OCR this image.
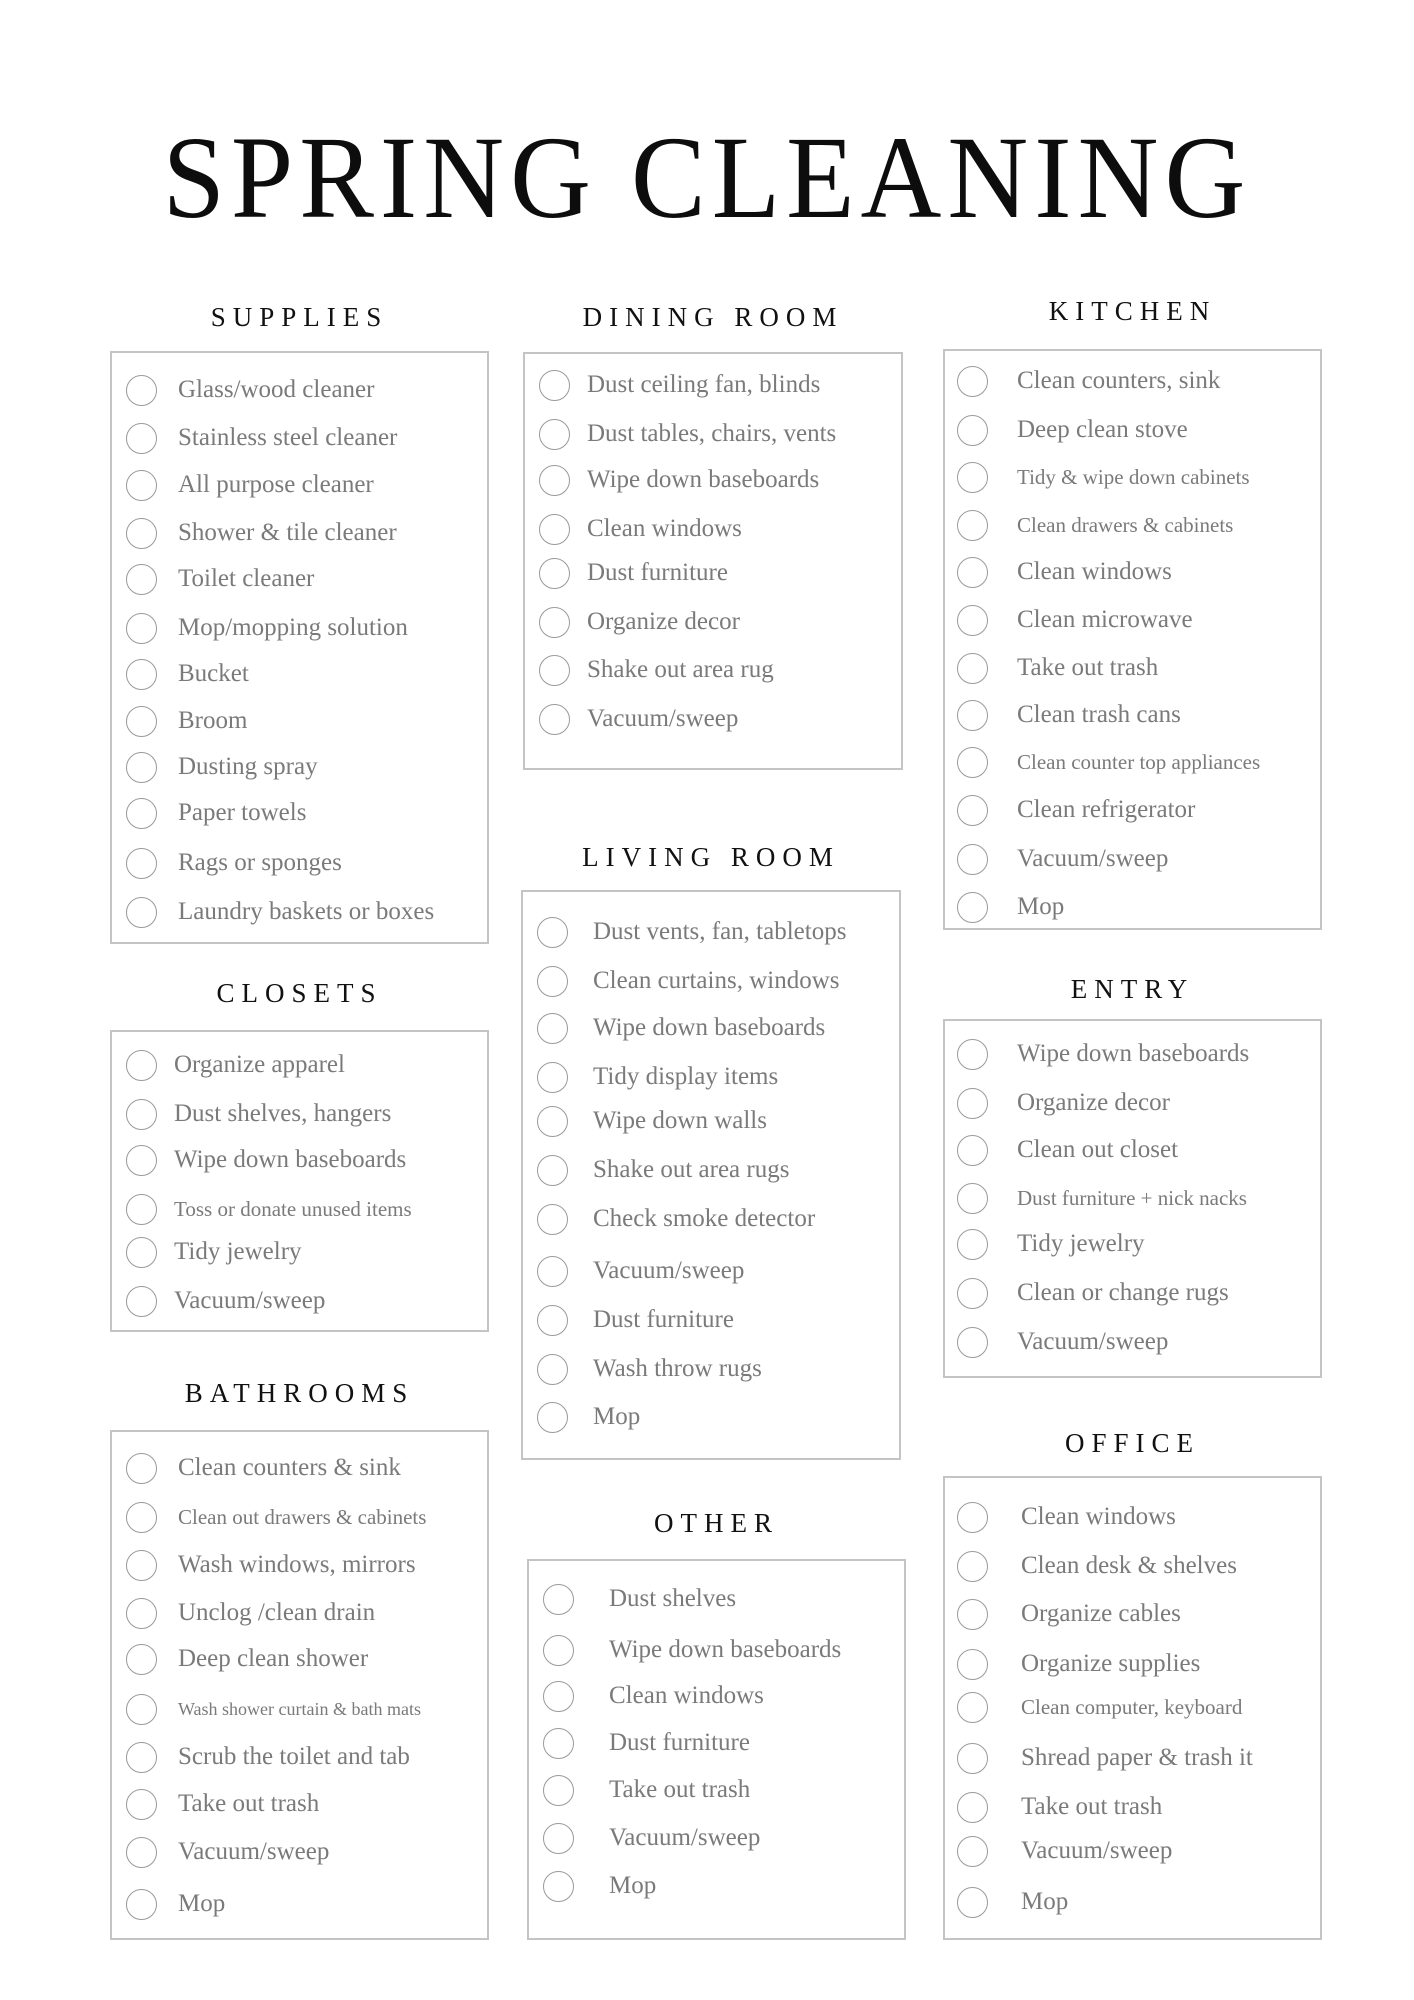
SPRING CLEANING
SUPPLIES
Glass/wood cleaner
Stainless steel cleaner
All purpose cleaner
Shower & tile cleaner
Toilet cleaner
Mop/mopping solution
Bucket
Broom
Dusting spray
Paper towels
Rags or sponges
Laundry baskets or boxes
CLOSETS
Organize apparel
Dust shelves, hangers
Wipe down baseboards
Toss or donate unused items
Tidy jewelry
Vacuum/sweep
BATHROOMS
Clean counters & sink
Clean out drawers & cabinets
Wash windows, mirrors
Unclog /clean drain
Deep clean shower
Wash shower curtain & bath mats
Scrub the toilet and tab
Take out trash
Vacuum/sweep
Mop
DINING ROOM
Dust ceiling fan, blinds
Dust tables, chairs, vents
Wipe down baseboards
Clean windows
Dust furniture
Organize decor
Shake out area rug
Vacuum/sweep
LIVING ROOM
Dust vents, fan, tabletops
Clean curtains, windows
Wipe down baseboards
Tidy display items
Wipe down walls
Shake out area rugs
Check smoke detector
Vacuum/sweep
Dust furniture
Wash throw rugs
Mop
OTHER
Dust shelves
Wipe down baseboards
Clean windows
Dust furniture
Take out trash
Vacuum/sweep
Mop
KITCHEN
Clean counters, sink
Deep clean stove
Tidy & wipe down cabinets
Clean drawers & cabinets
Clean windows
Clean microwave
Take out trash
Clean trash cans
Clean counter top appliances
Clean refrigerator
Vacuum/sweep
Mop
ENTRY
Wipe down baseboards
Organize decor
Clean out closet
Dust furniture + nick nacks
Tidy jewelry
Clean or change rugs
Vacuum/sweep
OFFICE
Clean windows
Clean desk & shelves
Organize cables
Organize supplies
Clean computer, keyboard
Shread paper & trash it
Take out trash
Vacuum/sweep
Mop
